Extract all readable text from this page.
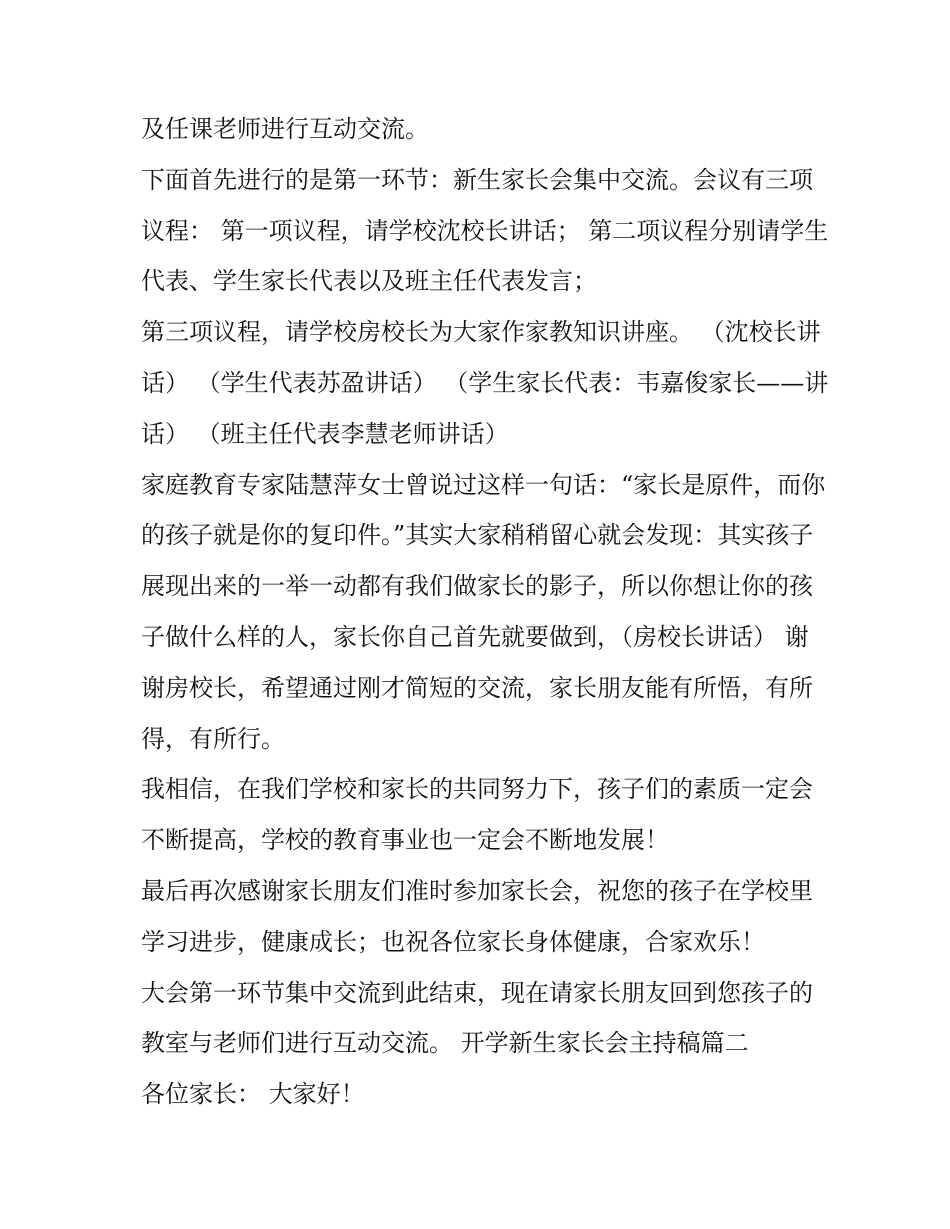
及任课老师进行互动交流。

下面首先进行的是第一环节：新生家长会集中交流。会议有三项议程： 第一项议程，请学校沈校长讲话； 第二项议程分别请学生代表、学生家长代表以及班主任代表发言；

第三项议程，请学校房校长为大家作家教知识讲座。 （沈校长讲话） （学生代表苏盈讲话） （学生家长代表：韦嘉俊家长——讲话） （班主任代表李慧老师讲话）

家庭教育专家陆慧萍女士曾说过这样一句话：“家长是原件，而你的孩子就是你的复印件。”其实大家稍稍留心就会发现：其实孩子展现出来的一举一动都有我们做家长的影子，所以你想让你的孩子做什么样的人，家长你自己首先就要做到，（房校长讲话） 谢谢房校长，希望通过刚才简短的交流，家长朋友能有所悟，有所得，有所行。

我相信，在我们学校和家长的共同努力下，孩子们的素质一定会不断提高，学校的教育事业也一定会不断地发展！

最后再次感谢家长朋友们准时参加家长会，祝您的孩子在学校里学习进步，健康成长；也祝各位家长身体健康，合家欢乐！

大会第一环节集中交流到此结束，现在请家长朋友回到您孩子的教室与老师们进行互动交流。 开学新生家长会主持稿篇二

各位家长： 大家好！
